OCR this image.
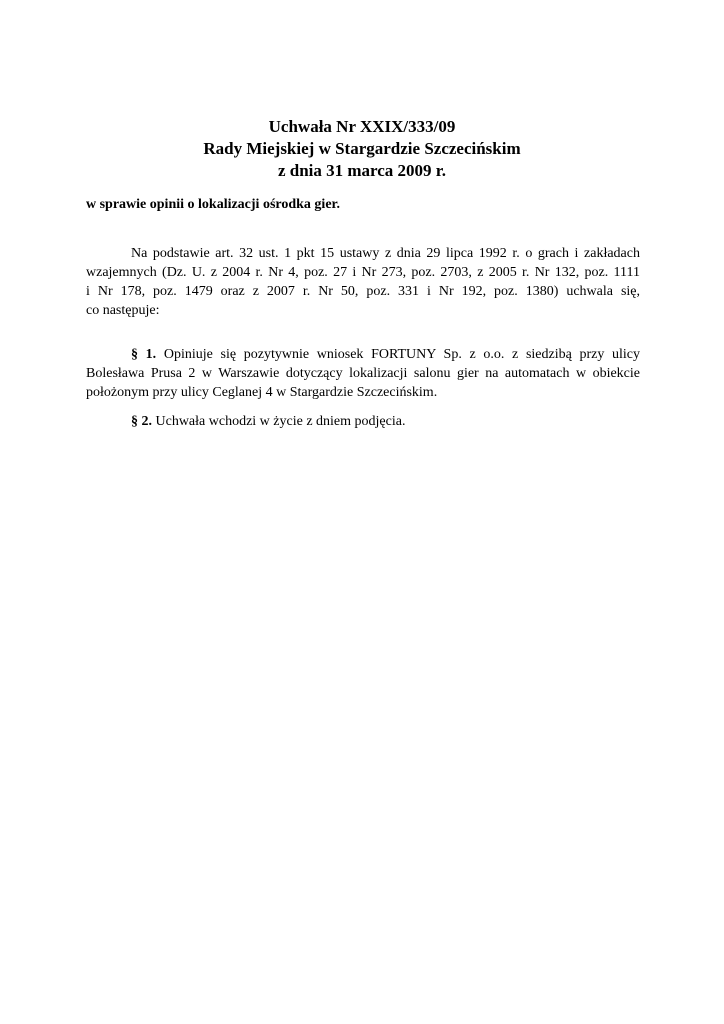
Uchwała Nr XXIX/333/09
Rady Miejskiej w Stargardzie Szczecińskim
z dnia 31 marca 2009 r.
w sprawie opinii o lokalizacji ośrodka gier.
Na podstawie art. 32 ust. 1 pkt 15 ustawy z dnia 29 lipca 1992 r. o grach i zakładach
wzajemnych (Dz. U. z 2004 r. Nr 4, poz. 27 i Nr 273, poz. 2703, z 2005 r. Nr 132, poz. 1111
i Nr 178, poz. 1479 oraz z 2007 r. Nr 50, poz. 331 i Nr 192, poz. 1380) uchwala się,
co następuje:
§ 1. Opiniuje się pozytywnie wniosek FORTUNY Sp. z o.o. z siedzibą przy ulicy
Bolesława Prusa 2 w Warszawie dotyczący lokalizacji salonu gier na automatach w obiekcie
położonym przy ulicy Ceglanej 4 w Stargardzie Szczecińskim.
§ 2. Uchwała wchodzi w życie z dniem podjęcia.
